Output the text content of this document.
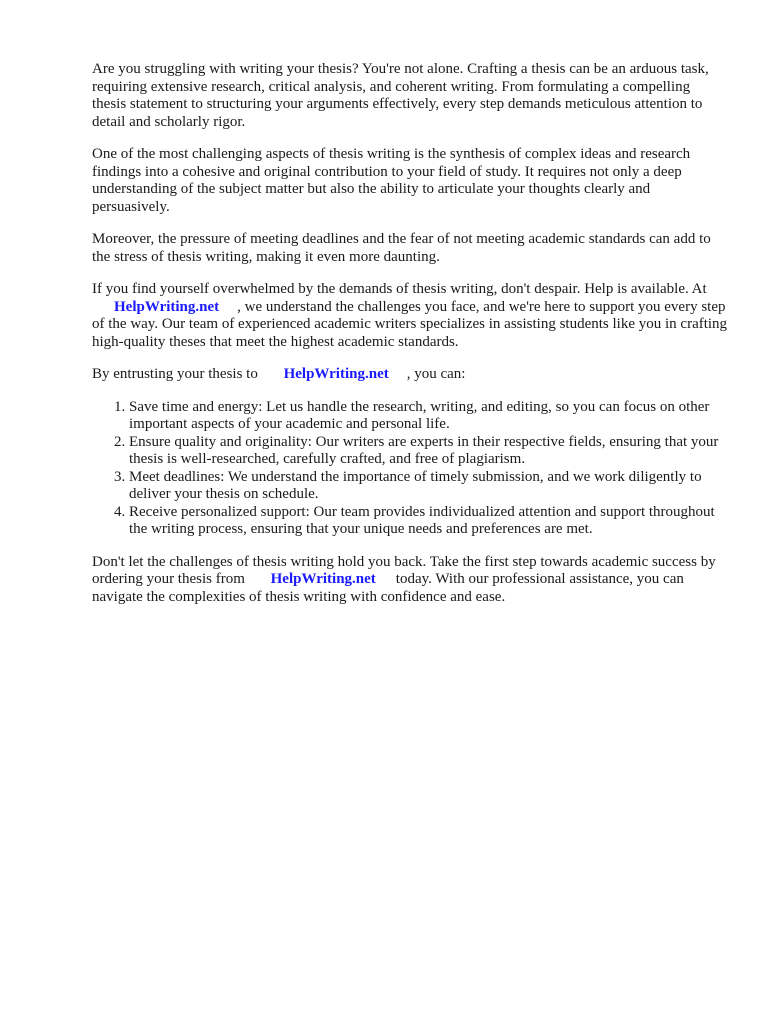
Are you struggling with writing your thesis? You're not alone. Crafting a thesis can be an arduous task, requiring extensive research, critical analysis, and coherent writing. From formulating a compelling thesis statement to structuring your arguments effectively, every step demands meticulous attention to detail and scholarly rigor.

One of the most challenging aspects of thesis writing is the synthesis of complex ideas and research findings into a cohesive and original contribution to your field of study. It requires not only a deep understanding of the subject matter but also the ability to articulate your thoughts clearly and persuasively.

Moreover, the pressure of meeting deadlines and the fear of not meeting academic standards can add to the stress of thesis writing, making it even more daunting.

If you find yourself overwhelmed by the demands of thesis writing, don't despair. Help is available. At HelpWriting.net , we understand the challenges you face, and we're here to support you every step of the way. Our team of experienced academic writers specializes in assisting students like you in crafting high-quality theses that meet the highest academic standards.

By entrusting your thesis to HelpWriting.net , you can:

1. Save time and energy: Let us handle the research, writing, and editing, so you can focus on other important aspects of your academic and personal life.
2. Ensure quality and originality: Our writers are experts in their respective fields, ensuring that your thesis is well-researched, carefully crafted, and free of plagiarism.
3. Meet deadlines: We understand the importance of timely submission, and we work diligently to deliver your thesis on schedule.
4. Receive personalized support: Our team provides individualized attention and support throughout the writing process, ensuring that your unique needs and preferences are met.

Don't let the challenges of thesis writing hold you back. Take the first step towards academic success by ordering your thesis from HelpWriting.net today. With our professional assistance, you can navigate the complexities of thesis writing with confidence and ease.
